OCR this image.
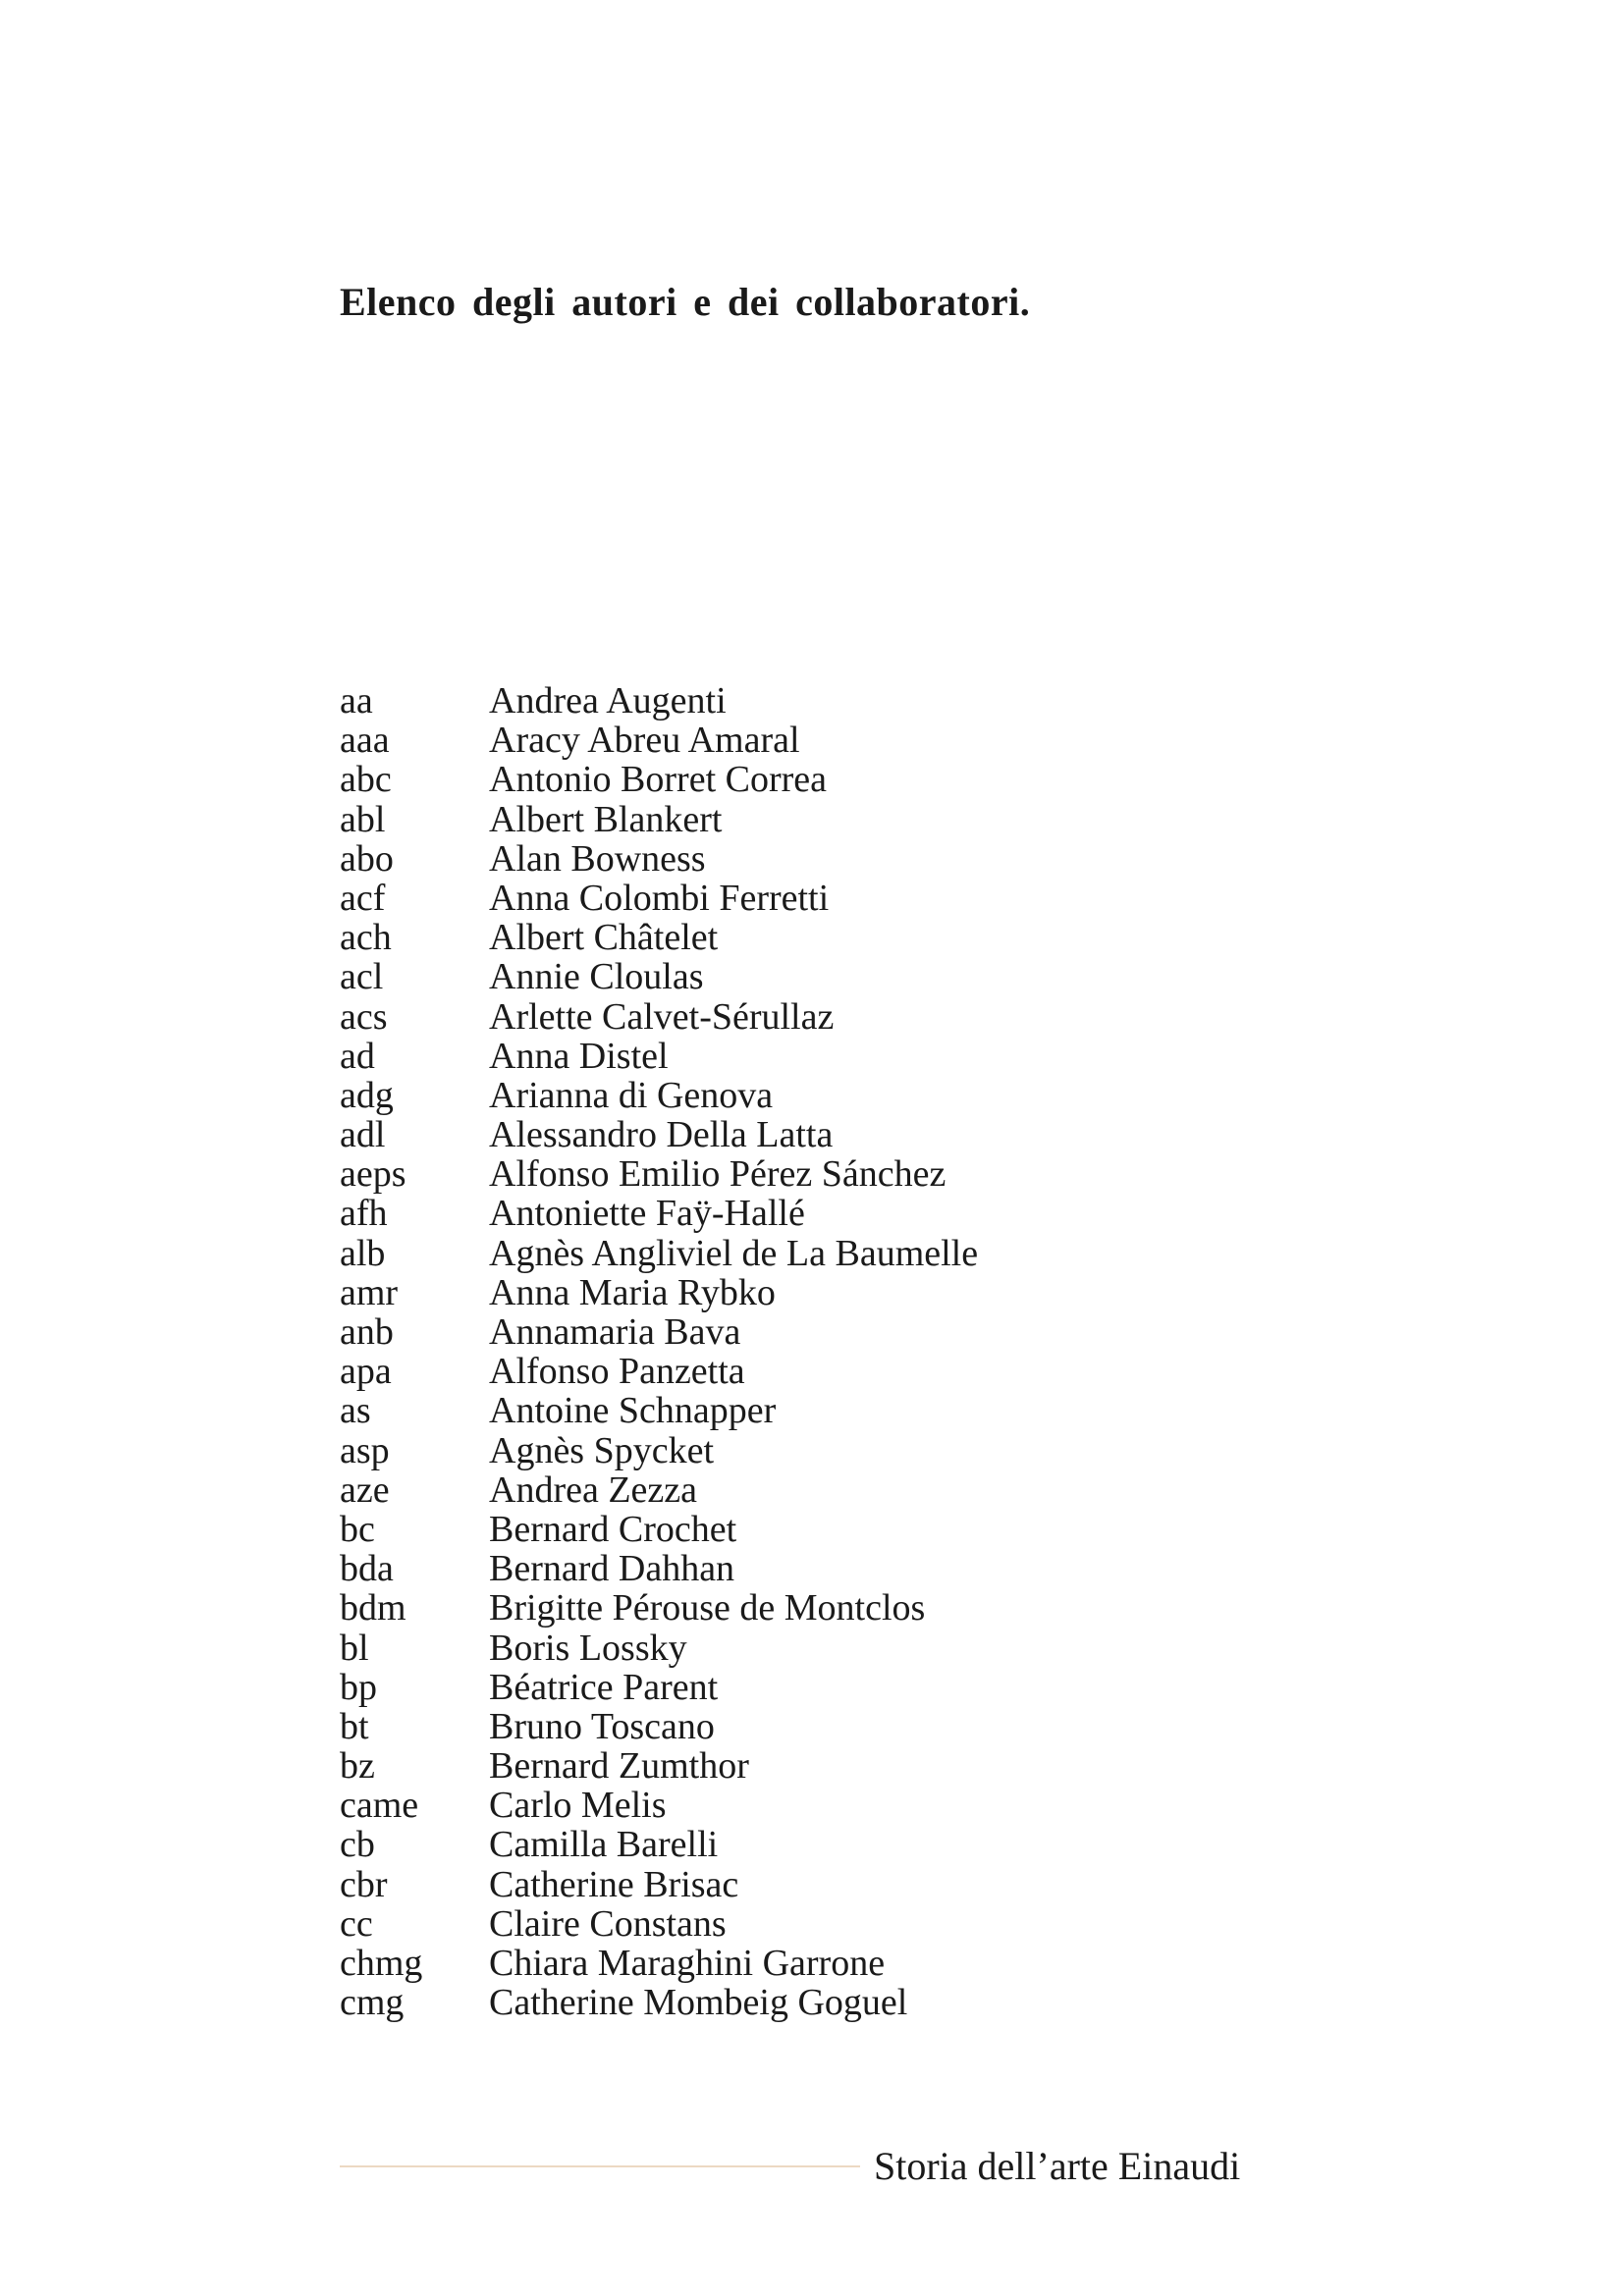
Elenco degli autori e dei collaboratori.
aa	Andrea Augenti
aaa	Aracy Abreu Amaral
abc	Antonio Borret Correa
abl	Albert Blankert
abo	Alan Bowness
acf	Anna Colombi Ferretti
ach	Albert Châtelet
acl	Annie Cloulas
acs	Arlette Calvet-Sérullaz
ad	Anna Distel
adg	Arianna di Genova
adl	Alessandro Della Latta
aeps	Alfonso Emilio Pérez Sánchez
afh	Antoniette Faÿ-Hallé
alb	Agnès Angliviel de La Baumelle
amr	Anna Maria Rybko
anb	Annamaria Bava
apa	Alfonso Panzetta
as	Antoine Schnapper
asp	Agnès Spycket
aze	Andrea Zezza
bc	Bernard Crochet
bda	Bernard Dahhan
bdm	Brigitte Pérouse de Montclos
bl	Boris Lossky
bp	Béatrice Parent
bt	Bruno Toscano
bz	Bernard Zumthor
came	Carlo Melis
cb	Camilla Barelli
cbr	Catherine Brisac
cc	Claire Constans
chmg	Chiara Maraghini Garrone
cmg	Catherine Mombeig Goguel
Storia dell’arte Einaudi
